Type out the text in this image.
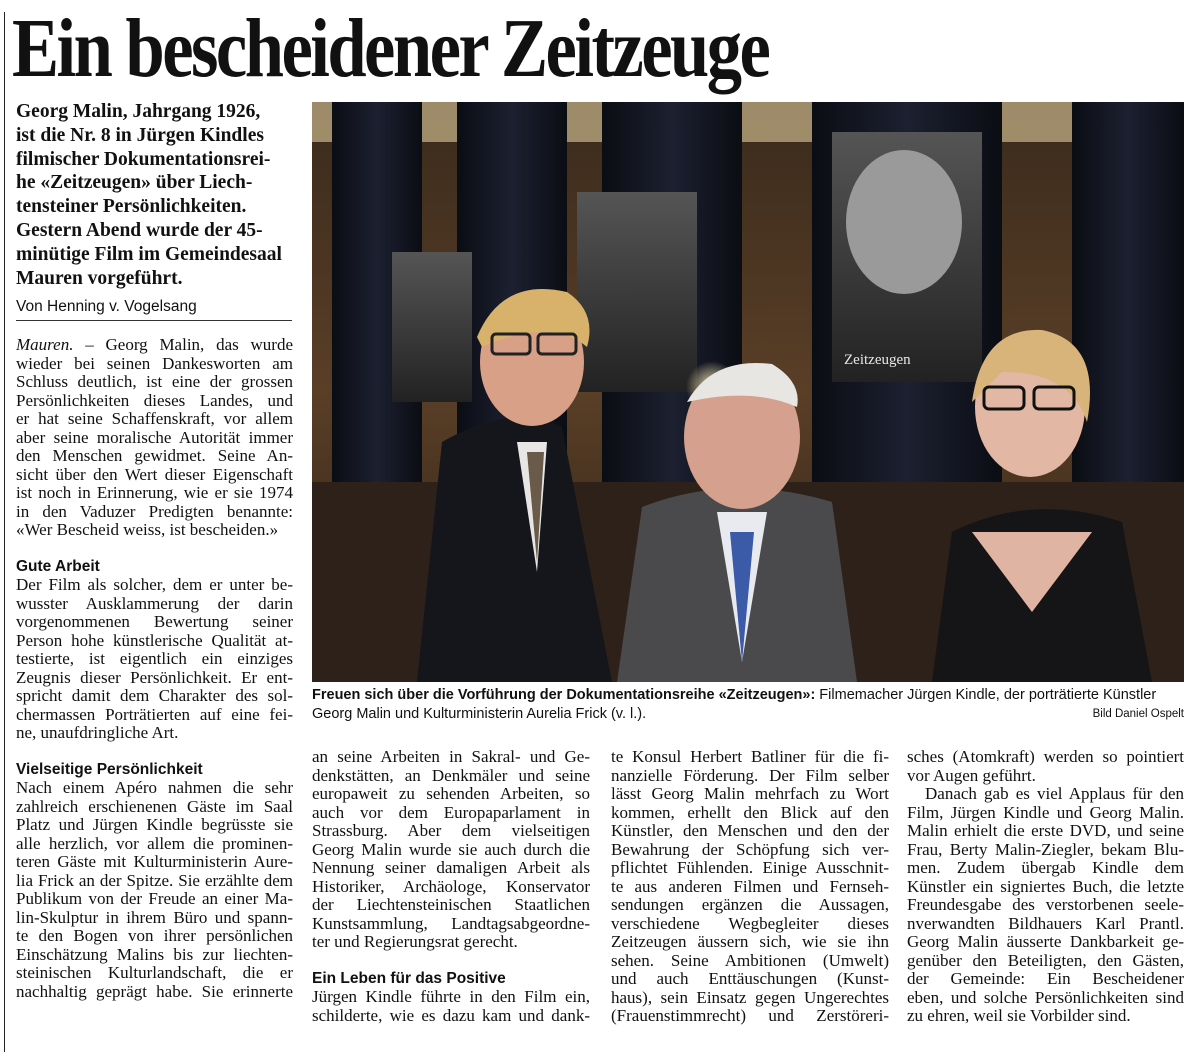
Ein bescheidener Zeitzeuge
Georg Malin, Jahrgang 1926,
ist die Nr. 8 in Jürgen Kindles
filmischer Dokumentationsrei-
he «Zeitzeugen» über Liech-
tensteiner Persönlichkeiten.
Gestern Abend wurde der 45-
minütige Film im Gemeindesaal
Mauren vorgeführt.
Von Henning v. Vogelsang

Mauren. – Georg Malin, das wurde
wieder bei seinen Dankesworten am
Schluss deutlich, ist eine der grossen
Persönlichkeiten dieses Landes, und
er hat seine Schaffenskraft, vor allem
aber seine moralische Autorität immer
den Menschen gewidmet. Seine An-
sicht über den Wert dieser Eigenschaft
ist noch in Erinnerung, wie er sie 1974
in den Vaduzer Predigten benannte:
«Wer Bescheid weiss, ist bescheiden.»

Gute Arbeit

Der Film als solcher, dem er unter be-
wusster Ausklammerung der darin
vorgenommenen Bewertung seiner
Person hohe künstlerische Qualität at-
testierte, ist eigentlich ein einziges
Zeugnis dieser Persönlichkeit. Er ent-
spricht damit dem Charakter des sol-
chermassen Porträtierten auf eine fei-
ne, unaufdringliche Art.

Vielseitige Persönlichkeit

Nach einem Apéro nahmen die sehr
zahlreich erschienenen Gäste im Saal
Platz und Jürgen Kindle begrüsste sie
alle herzlich, vor allem die prominen-
teren Gäste mit Kulturministerin Aure-
lia Frick an der Spitze. Sie erzählte dem
Publikum von der Freude an einer Ma-
lin-Skulptur in ihrem Büro und spann-
te den Bogen von ihrer persönlichen
Einschätzung Malins bis zur liechten-
steinischen Kulturlandschaft, die er
nachhaltig geprägt habe. Sie erinnerte

Zeitzeugen
Freuen sich über die Vorführung der Dokumentationsreihe «Zeitzeugen»: Filmemacher Jürgen Kindle, der porträtierte Künstler Georg Malin und Kulturministerin Aurelia Frick (v. l.).	Bild Daniel Ospelt

an seine Arbeiten in Sakral- und Ge-
denkstätten, an Denkmäler und seine
europaweit zu sehenden Arbeiten, so
auch vor dem Europaparlament in
Strassburg. Aber dem vielseitigen
Georg Malin wurde sie auch durch die
Nennung seiner damaligen Arbeit als
Historiker, Archäologe, Konservator
der Liechtensteinischen Staatlichen
Kunstsammlung, Landtagsabgeordne-
ter und Regierungsrat gerecht.

Ein Leben für das Positive

Jürgen Kindle führte in den Film ein,
schilderte, wie es dazu kam und dank-

te Konsul Herbert Batliner für die fi-
nanzielle Förderung. Der Film selber
lässt Georg Malin mehrfach zu Wort
kommen, erhellt den Blick auf den
Künstler, den Menschen und den der
Bewahrung der Schöpfung sich ver-
pflichtet Fühlenden. Einige Ausschnit-
te aus anderen Filmen und Fernseh-
sendungen ergänzen die Aussagen,
verschiedene Wegbegleiter dieses
Zeitzeugen äussern sich, wie sie ihn
sehen. Seine Ambitionen (Umwelt)
und auch Enttäuschungen (Kunst-
haus), sein Einsatz gegen Ungerechtes
(Frauenstimmrecht) und Zerstöreri-

sches (Atomkraft) werden so pointiert
vor Augen geführt.

Danach gab es viel Applaus für den
Film, Jürgen Kindle und Georg Malin.
Malin erhielt die erste DVD, und seine
Frau, Berty Malin-Ziegler, bekam Blu-
men. Zudem übergab Kindle dem
Künstler ein signiertes Buch, die letzte
Freundesgabe des verstorbenen seele-
nverwandten Bildhauers Karl Prantl.
Georg Malin äusserte Dankbarkeit ge-
genüber den Beteiligten, den Gästen,
der Gemeinde: Ein Bescheidener
eben, und solche Persönlichkeiten sind
zu ehren, weil sie Vorbilder sind.
